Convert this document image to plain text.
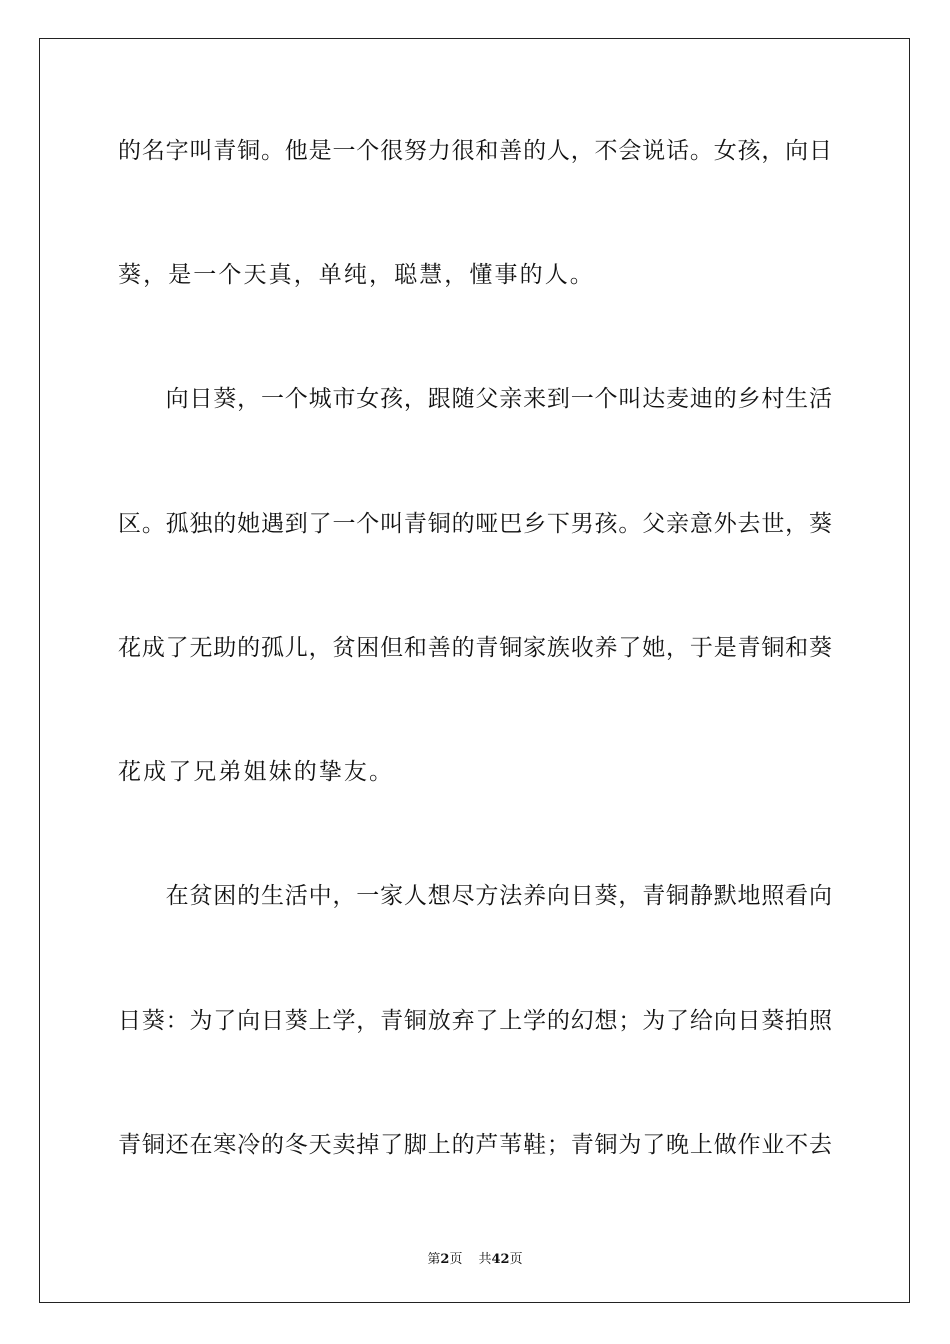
的名字叫青铜。他是一个很努力很和善的人，不会说话。女孩，向日
葵，是一个天真，单纯，聪慧，懂事的人。
　　向日葵，一个城市女孩，跟随父亲来到一个叫达麦迪的乡村生活
区。孤独的她遇到了一个叫青铜的哑巴乡下男孩。父亲意外去世，葵
花成了无助的孤儿，贫困但和善的青铜家族收养了她，于是青铜和葵
花成了兄弟姐妹的挚友。
　　在贫困的生活中，一家人想尽方法养向日葵，青铜静默地照看向
日葵：为了向日葵上学，青铜放弃了上学的幻想；为了给向日葵拍照
青铜还在寒冷的冬天卖掉了脚上的芦苇鞋；青铜为了晚上做作业不去
第2页 共42页
